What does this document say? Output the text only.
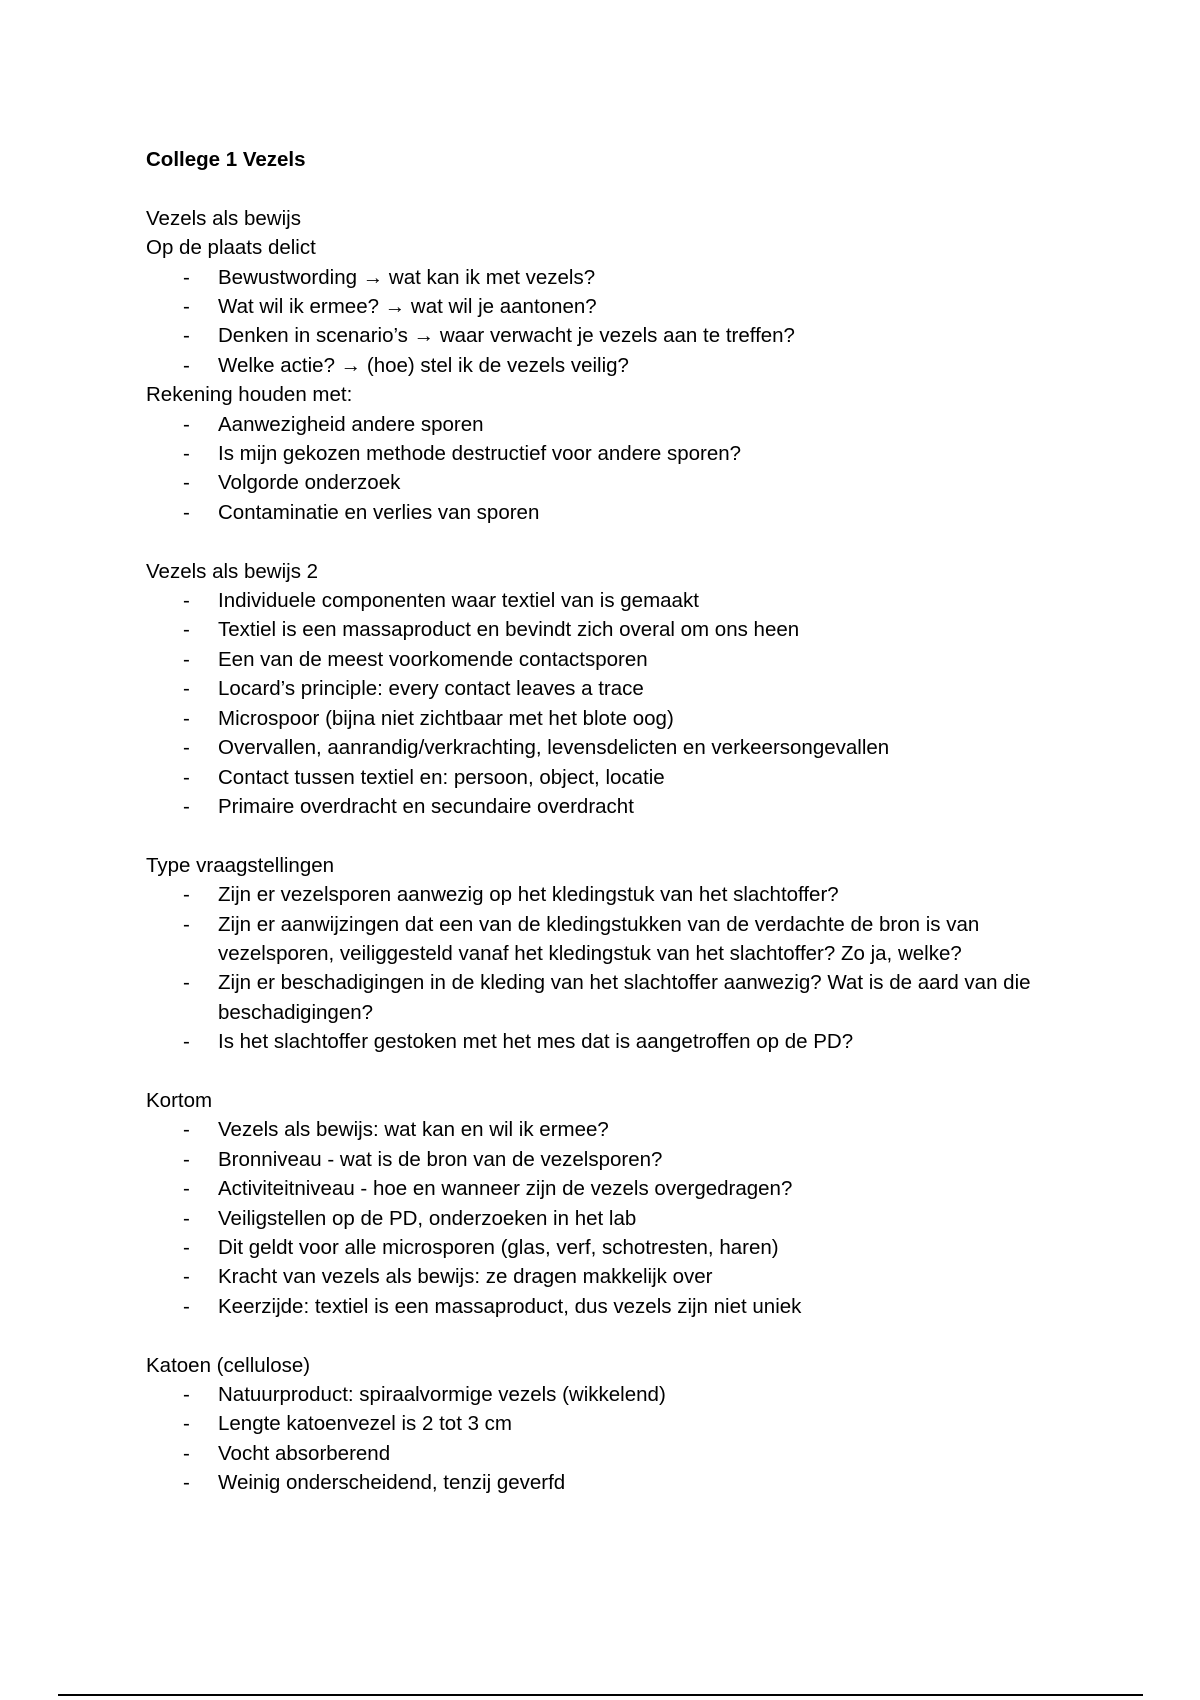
College 1 Vezels

Vezels als bewijs

Op de plaats delict

- Bewustwording → wat kan ik met vezels?
- Wat wil ik ermee? → wat wil je aantonen?
- Denken in scenario’s → waar verwacht je vezels aan te treffen?
- Welke actie? → (hoe) stel ik de vezels veilig?

Rekening houden met:

- Aanwezigheid andere sporen
- Is mijn gekozen methode destructief voor andere sporen?
- Volgorde onderzoek
- Contaminatie en verlies van sporen

Vezels als bewijs 2

- Individuele componenten waar textiel van is gemaakt
- Textiel is een massaproduct en bevindt zich overal om ons heen
- Een van de meest voorkomende contactsporen
- Locard’s principle: every contact leaves a trace
- Microspoor (bijna niet zichtbaar met het blote oog)
- Overvallen, aanrandig/verkrachting, levensdelicten en verkeersongevallen
- Contact tussen textiel en: persoon, object, locatie
- Primaire overdracht en secundaire overdracht

Type vraagstellingen

- Zijn er vezelsporen aanwezig op het kledingstuk van het slachtoffer?
- Zijn er aanwijzingen dat een van de kledingstukken van de verdachte de bron is van vezelsporen, veiliggesteld vanaf het kledingstuk van het slachtoffer? Zo ja, welke?
- Zijn er beschadigingen in de kleding van het slachtoffer aanwezig? Wat is de aard van die beschadigingen?
- Is het slachtoffer gestoken met het mes dat is aangetroffen op de PD?

Kortom

- Vezels als bewijs: wat kan en wil ik ermee?
- Bronniveau - wat is de bron van de vezelsporen?
- Activiteitniveau - hoe en wanneer zijn de vezels overgedragen?
- Veiligstellen op de PD, onderzoeken in het lab
- Dit geldt voor alle microsporen (glas, verf, schotresten, haren)
- Kracht van vezels als bewijs: ze dragen makkelijk over
- Keerzijde: textiel is een massaproduct, dus vezels zijn niet uniek

Katoen (cellulose)

- Natuurproduct: spiraalvormige vezels (wikkelend)
- Lengte katoenvezel is 2 tot 3 cm
- Vocht absorberend
- Weinig onderscheidend, tenzij geverfd
